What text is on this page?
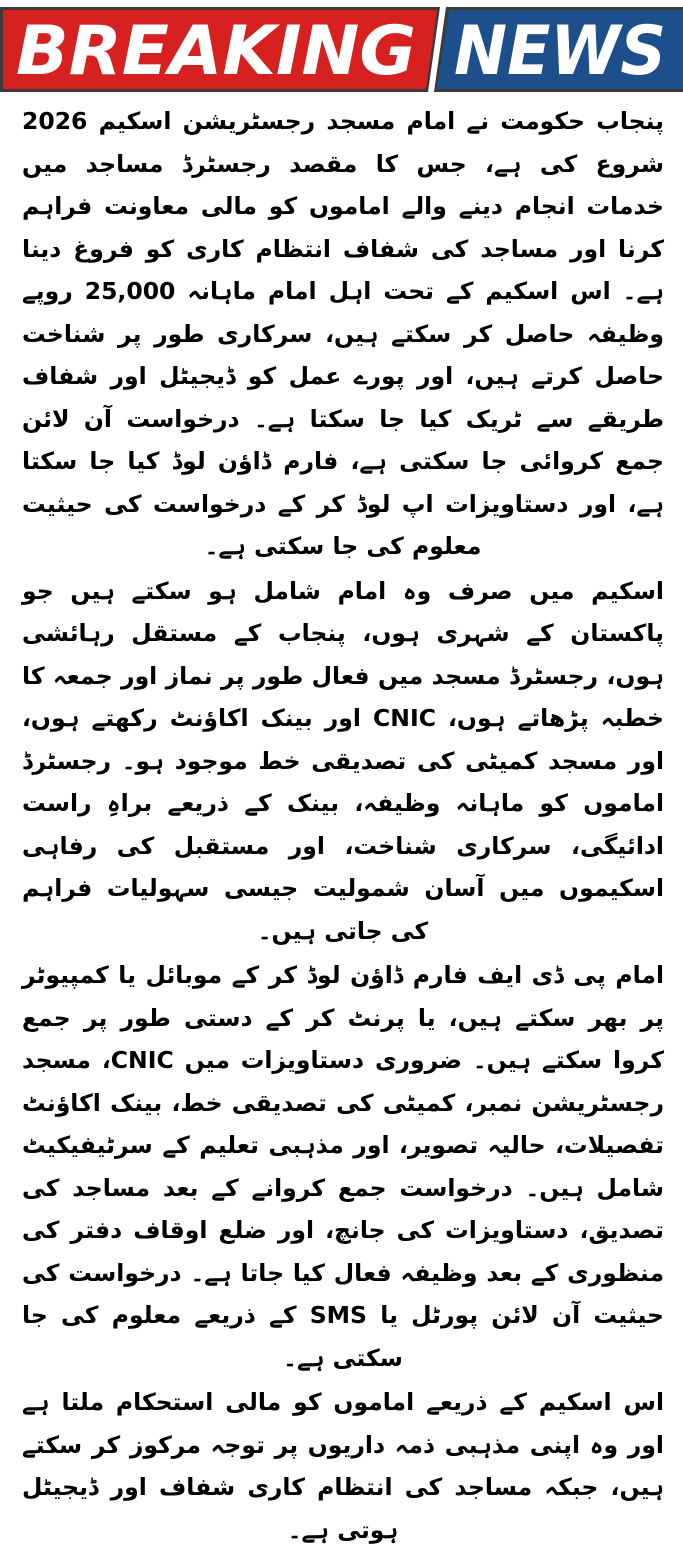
BREAKING NEWS

پنجاب حکومت نے امام مسجد رجسٹریشن اسکیم 2026 شروع کی ہے، جس کا مقصد رجسٹرڈ مساجد میں خدمات انجام دینے والے اماموں کو مالی معاونت فراہم کرنا اور مساجد کی شفاف انتظام کاری کو فروغ دینا ہے۔ اس اسکیم کے تحت اہل امام ماہانہ 25,000 روپے وظیفہ حاصل کر سکتے ہیں، سرکاری طور پر شناخت حاصل کرتے ہیں، اور پورے عمل کو ڈیجیٹل اور شفاف طریقے سے ٹریک کیا جا سکتا ہے۔ درخواست آن لائن جمع کروائی جا سکتی ہے، فارم ڈاؤن لوڈ کیا جا سکتا ہے، اور دستاویزات اپ لوڈ کر کے درخواست کی حیثیت معلوم کی جا سکتی ہے۔

اسکیم میں صرف وہ امام شامل ہو سکتے ہیں جو پاکستان کے شہری ہوں، پنجاب کے مستقل رہائشی ہوں، رجسٹرڈ مسجد میں فعال طور پر نماز اور جمعہ کا خطبہ پڑھاتے ہوں، CNIC اور بینک اکاؤنٹ رکھتے ہوں، اور مسجد کمیٹی کی تصدیقی خط موجود ہو۔ رجسٹرڈ اماموں کو ماہانہ وظیفہ، بینک کے ذریعے براہِ راست ادائیگی، سرکاری شناخت، اور مستقبل کی رفاہی اسکیموں میں آسان شمولیت جیسی سہولیات فراہم کی جاتی ہیں۔

امام پی ڈی ایف فارم ڈاؤن لوڈ کر کے موبائل یا کمپیوٹر پر بھر سکتے ہیں، یا پرنٹ کر کے دستی طور پر جمع کروا سکتے ہیں۔ ضروری دستاویزات میں CNIC، مسجد رجسٹریشن نمبر، کمیٹی کی تصدیقی خط، بینک اکاؤنٹ تفصیلات، حالیہ تصویر، اور مذہبی تعلیم کے سرٹیفیکیٹ شامل ہیں۔ درخواست جمع کروانے کے بعد مساجد کی تصدیق، دستاویزات کی جانچ، اور ضلع اوقاف دفتر کی منظوری کے بعد وظیفہ فعال کیا جاتا ہے۔ درخواست کی حیثیت آن لائن پورٹل یا SMS کے ذریعے معلوم کی جا سکتی ہے۔

اس اسکیم کے ذریعے اماموں کو مالی استحکام ملتا ہے اور وہ اپنی مذہبی ذمہ داریوں پر توجہ مرکوز کر سکتے ہیں، جبکہ مساجد کی انتظام کاری شفاف اور ڈیجیٹل ہوتی ہے۔
